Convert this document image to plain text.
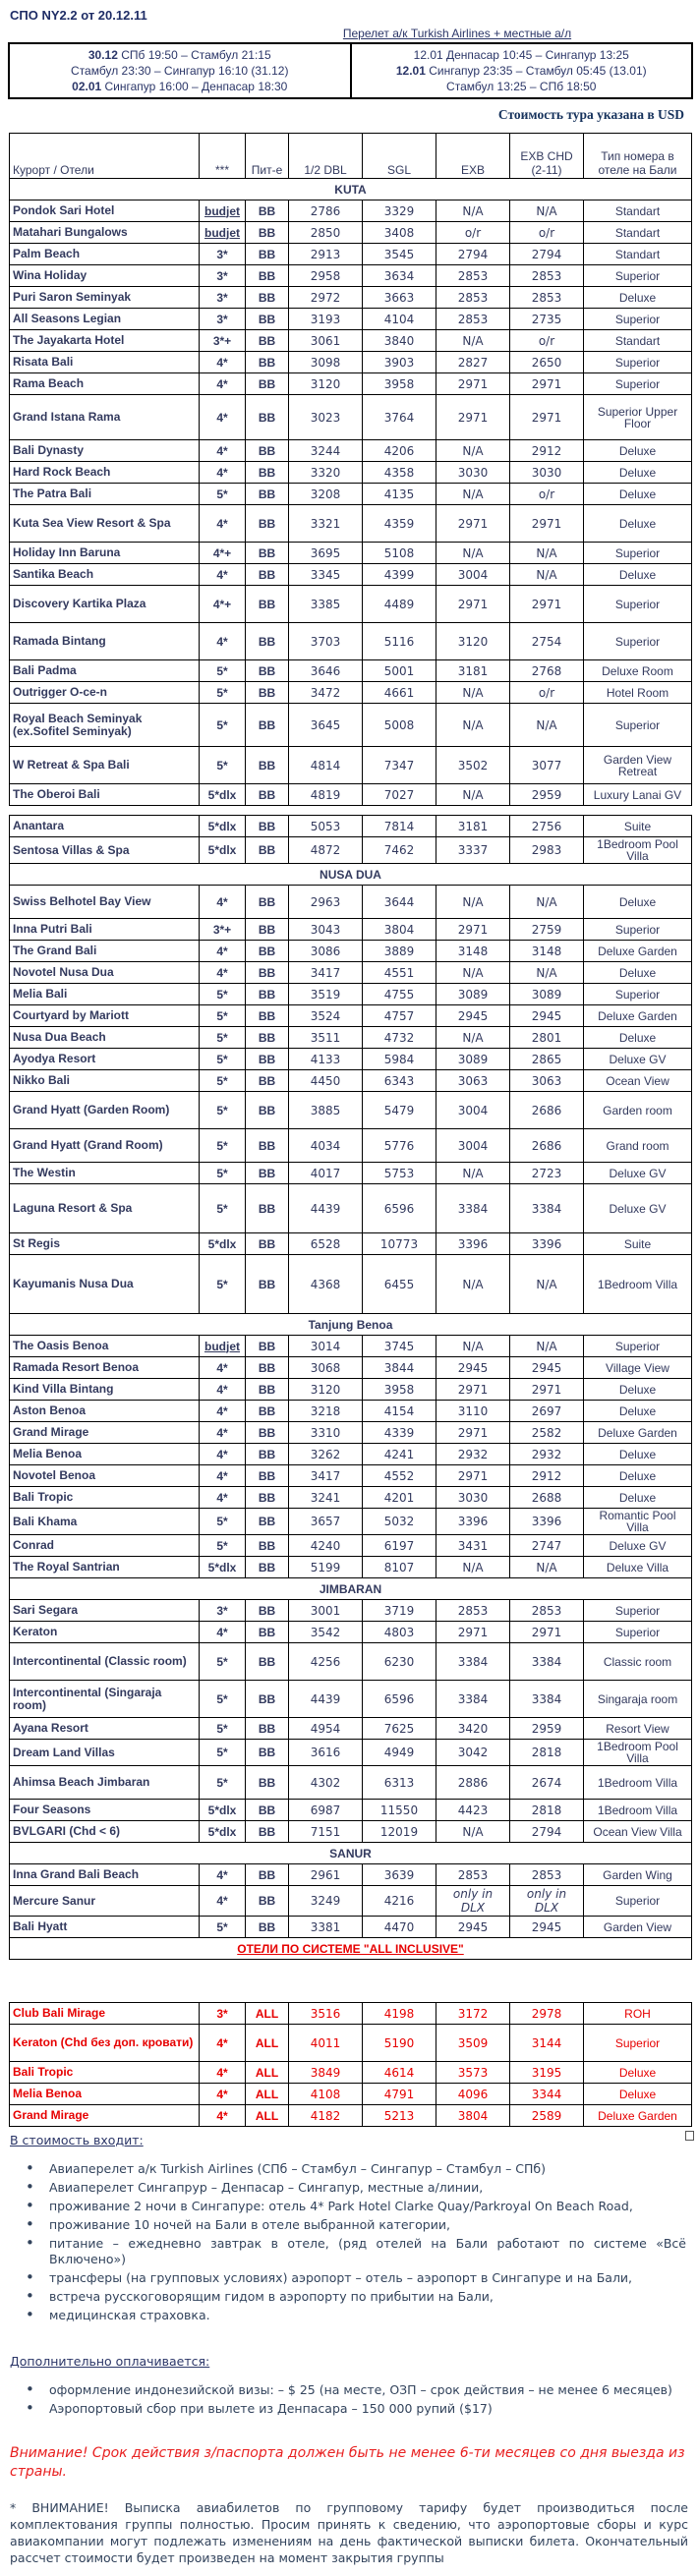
СПО NY2.2 от 20.12.11
Перелет а/к Turkish Airlines + местные а/л
30.12 СПб 19:50 – Стамбул 21:15
Стамбул 23:30 – Сингапур 16:10 (31.12)
02.01 Сингапур 16:00 – Денпасар 18:30
12.01 Денпасар 10:45 – Сингапур 13:25
12.01 Сингапур 23:35 – Стамбул 05:45 (13.01)
Стамбул 13:25 – СПб 18:50
Стоимость тура указана в USD
Курорт / Отели	***	Пит-е	1/2 DBL	SGL	EXB	EXB CHD (2-11)	Тип номера в отеле на Бали
KUTA							
Pondok Sari Hotel	budjet	BB	2786	3329	N/A	N/A	Standart
Matahari Bungalows	budjet	BB	2850	3408	o/r	o/r	Standart
Palm Beach	3*	BB	2913	3545	2794	2794	Standart
Wina Holiday	3*	BB	2958	3634	2853	2853	Superior
Puri Saron Seminyak	3*	BB	2972	3663	2853	2853	Deluxe
All Seasons Legian	3*	BB	3193	4104	2853	2735	Superior
The Jayakarta Hotel	3*+	BB	3061	3840	N/A	o/r	Standart
Risata Bali	4*	BB	3098	3903	2827	2650	Superior
Rama Beach	4*	BB	3120	3958	2971	2971	Superior
Grand Istana Rama	4*	BB	3023	3764	2971	2971	Superior Upper Floor
Bali Dynasty	4*	BB	3244	4206	N/A	2912	Deluxe
Hard Rock Beach	4*	BB	3320	4358	3030	3030	Deluxe
The Patra Bali	5*	BB	3208	4135	N/A	o/r	Deluxe
Kuta Sea View Resort & Spa	4*	BB	3321	4359	2971	2971	Deluxe
Holiday Inn Baruna	4*+	BB	3695	5108	N/A	N/A	Superior
Santika Beach	4*	BB	3345	4399	3004	N/A	Deluxe
Discovery Kartika Plaza	4*+	BB	3385	4489	2971	2971	Superior
Ramada Bintang	4*	BB	3703	5116	3120	2754	Superior
Bali Padma	5*	BB	3646	5001	3181	2768	Deluxe Room
Outrigger O-ce-n	5*	BB	3472	4661	N/A	o/r	Hotel Room
Royal Beach Seminyak (ex.Sofitel Seminyak)	5*	BB	3645	5008	N/A	N/A	Superior
W Retreat & Spa Bali	5*	BB	4814	7347	3502	3077	Garden View Retreat
The Oberoi Bali	5*dlx	BB	4819	7027	N/A	2959	Luxury Lanai GV

Anantara	5*dlx	BB	5053	7814	3181	2756	Suite
Sentosa Villas & Spa	5*dlx	BB	4872	7462	3337	2983	1Bedroom Pool Villa
NUSA DUA							
Swiss Belhotel Bay View	4*	BB	2963	3644	N/A	N/A	Deluxe
Inna Putri Bali	3*+	BB	3043	3804	2971	2759	Superior
The Grand Bali	4*	BB	3086	3889	3148	3148	Deluxe Garden
Novotel Nusa Dua	4*	BB	3417	4551	N/A	N/A	Deluxe
Melia Bali	5*	BB	3519	4755	3089	3089	Superior
Courtyard by Mariott	5*	BB	3524	4757	2945	2945	Deluxe Garden
Nusa Dua Beach	5*	BB	3511	4732	N/A	2801	Deluxe
Ayodya Resort	5*	BB	4133	5984	3089	2865	Deluxe GV
Nikko Bali	5*	BB	4450	6343	3063	3063	Ocean View
Grand Hyatt (Garden Room)	5*	BB	3885	5479	3004	2686	Garden room
Grand Hyatt (Grand Room)	5*	BB	4034	5776	3004	2686	Grand room
The Westin	5*	BB	4017	5753	N/A	2723	Deluxe GV
Laguna Resort & Spa	5*	BB	4439	6596	3384	3384	Deluxe GV
St Regis	5*dlx	BB	6528	10773	3396	3396	Suite
Kayumanis Nusa Dua	5*	BB	4368	6455	N/A	N/A	1Bedroom Villa
Tanjung Benoa							
The Oasis Benoa	budjet	BB	3014	3745	N/A	N/A	Superior
Ramada Resort Benoa	4*	BB	3068	3844	2945	2945	Village View
Kind Villa Bintang	4*	BB	3120	3958	2971	2971	Deluxe
Aston Benoa	4*	BB	3218	4154	3110	2697	Deluxe
Grand Mirage	4*	BB	3310	4339	2971	2582	Deluxe Garden
Melia Benoa	4*	BB	3262	4241	2932	2932	Deluxe
Novotel Benoa	4*	BB	3417	4552	2971	2912	Deluxe
Bali Tropic	4*	BB	3241	4201	3030	2688	Deluxe
Bali Khama	5*	BB	3657	5032	3396	3396	Romantic Pool Villa
Conrad	5*	BB	4240	6197	3431	2747	Deluxe GV
The Royal Santrian	5*dlx	BB	5199	8107	N/A	N/A	Deluxe Villa
JIMBARAN							
Sari Segara	3*	BB	3001	3719	2853	2853	Superior
Keraton	4*	BB	3542	4803	2971	2971	Superior
Intercontinental (Classic room)	5*	BB	4256	6230	3384	3384	Classic room
Intercontinental (Singaraja room)	5*	BB	4439	6596	3384	3384	Singaraja room
Ayana Resort	5*	BB	4954	7625	3420	2959	Resort View
Dream Land Villas	5*	BB	3616	4949	3042	2818	1Bedroom Pool Villa
Ahimsa Beach Jimbaran	5*	BB	4302	6313	2886	2674	1Bedroom Villa
Four Seasons	5*dlx	BB	6987	11550	4423	2818	1Bedroom Villa
BVLGARI (Chd < 6)	5*dlx	BB	7151	12019	N/A	2794	Ocean View Villa
SANUR							
Inna Grand Bali Beach	4*	BB	2961	3639	2853	2853	Garden Wing
Mercure Sanur	4*	BB	3249	4216	only in DLX	only in DLX	Superior
Bali Hyatt	5*	BB	3381	4470	2945	2945	Garden View
ОТЕЛИ ПО СИСТЕМЕ "ALL INCLUSIVE"							

Club Bali Mirage	3*	ALL	3516	4198	3172	2978	ROH
Keraton (Chd без доп. кровати)	4*	ALL	4011	5190	3509	3144	Superior
Bali Tropic	4*	ALL	3849	4614	3573	3195	Deluxe
Melia Benoa	4*	ALL	4108	4791	4096	3344	Deluxe
Grand Mirage	4*	ALL	4182	5213	3804	2589	Deluxe Garden
В стоимость входит:
• Авиаперелет а/к Turkish Airlines (СПб – Стамбул – Сингапур – Стамбул – СПб)
• Авиаперелет Сингапрур – Денпасар – Сингапур, местные а/линии,
• проживание 2 ночи в Сингапуре: отель 4* Park Hotel Clarke Quay/Parkroyal On Beach Road,
• проживание 10 ночей на Бали в отеле выбранной категории,
• питание – ежедневно завтрак в отеле, (ряд отелей на Бали работают по системе «Всё Включено»)
• трансферы (на групповых условиях) аэропорт – отель – аэропорт в Сингапуре и на Бали,
• встреча русскоговорящим гидом в аэропорту по прибытии на Бали,
• медицинская страховка.
Дополнительно оплачивается:
• оформление индонезийской визы: – $ 25 (на месте, ОЗП – срок действия – не менее 6 месяцев)
• Аэропортовый сбор при вылете из Денпасара – 150 000 рупий ($17)
Внимание! Срок действия з/паспорта должен быть не менее 6-ти месяцев со дня выезда из страны.
* ВНИМАНИЕ! Выписка авиабилетов по групповому тарифу будет производиться после комплектования группы полностью. Просим принять к сведению, что аэропортовые сборы и курс авиакомпании могут подлежать изменениям на день фактической выписки билета. Окончательный рассчет стоимости будет произведен на момент закрытия группы
